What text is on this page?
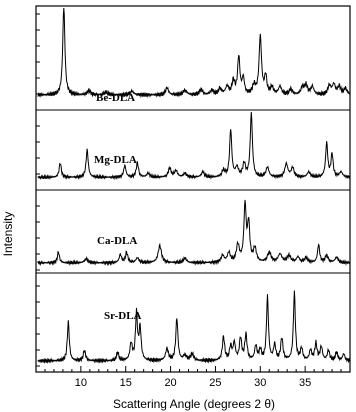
10	15	20	25	30	35
Be-DLA
Mg-DLA
Ca-DLA
Sr-DLA
Intensity
Scattering Angle (degrees 2 θ)
